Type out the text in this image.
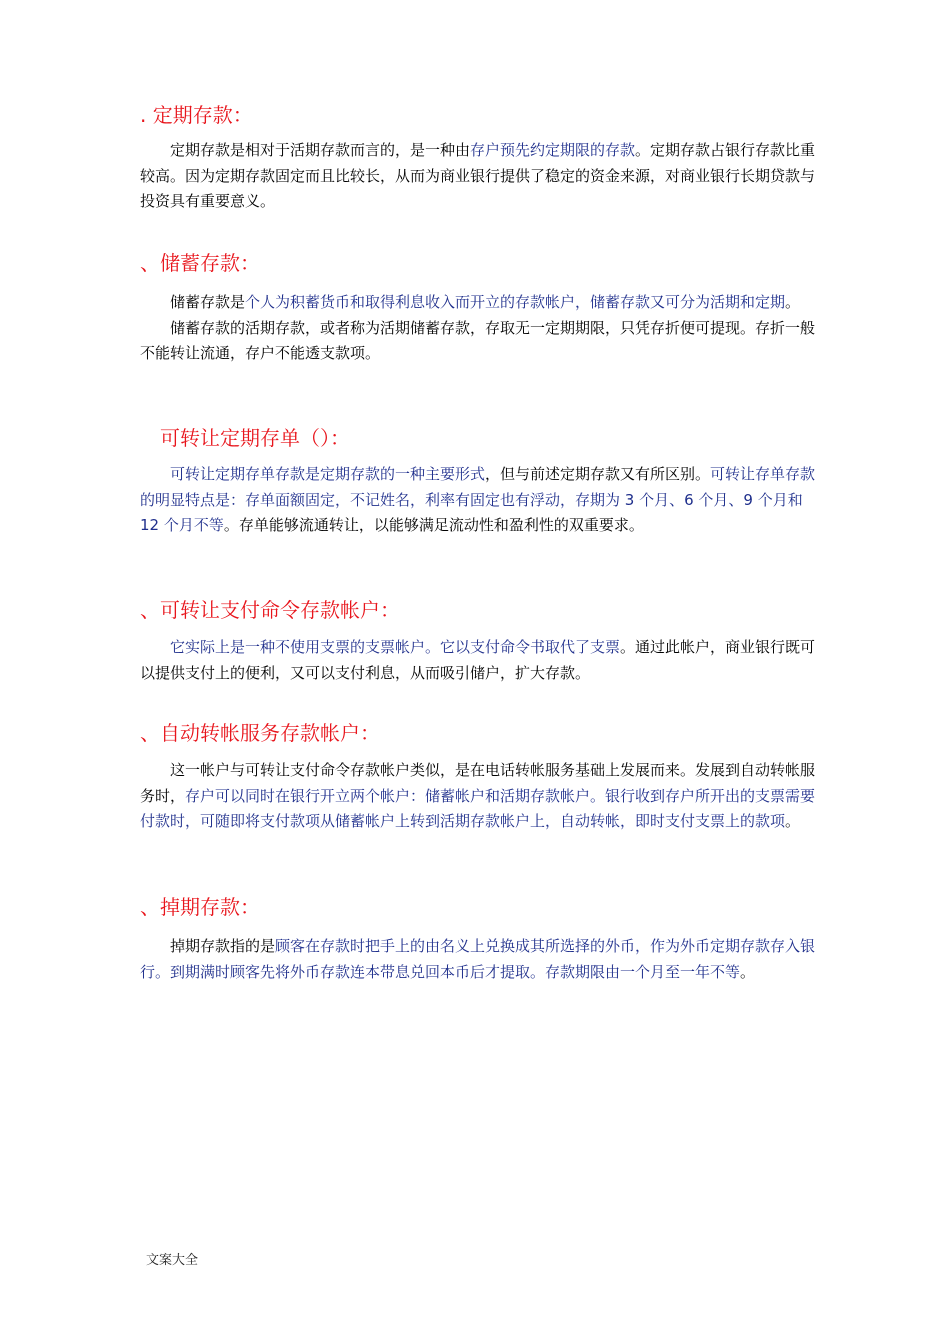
. 定期存款：
　　定期存款是相对于活期存款而言的，是一种由存户预先约定期限的存款。定期存款占银行存款比重较高。因为定期存款固定而且比较长，从而为商业银行提供了稳定的资金来源，对商业银行长期贷款与投资具有重要意义。
、储蓄存款：
　　储蓄存款是个人为积蓄货币和取得利息收入而开立的存款帐户，储蓄存款又可分为活期和定期。
　　储蓄存款的活期存款，或者称为活期储蓄存款，存取无一定期期限，只凭存折便可提现。存折一般不能转让流通，存户不能透支款项。
　可转让定期存单（）：
　　可转让定期存单存款是定期存款的一种主要形式，但与前述定期存款又有所区别。可转让存单存款的明显特点是：存单面额固定，不记姓名，利率有固定也有浮动，存期为 3 个月、6 个月、9 个月和 12 个月不等。存单能够流通转让，以能够满足流动性和盈利性的双重要求。
、可转让支付命令存款帐户：
　　它实际上是一种不使用支票的支票帐户。它以支付命令书取代了支票。通过此帐户，商业银行既可以提供支付上的便利，又可以支付利息，从而吸引储户，扩大存款。
、自动转帐服务存款帐户：
　　这一帐户与可转让支付命令存款帐户类似，是在电话转帐服务基础上发展而来。发展到自动转帐服务时，存户可以同时在银行开立两个帐户：储蓄帐户和活期存款帐户。银行收到存户所开出的支票需要付款时，可随即将支付款项从储蓄帐户上转到活期存款帐户上，自动转帐，即时支付支票上的款项。
、掉期存款：
　　掉期存款指的是顾客在存款时把手上的由名义上兑换成其所选择的外币，作为外币定期存款存入银行。到期满时顾客先将外币存款连本带息兑回本币后才提取。存款期限由一个月至一年不等。
文案大全
